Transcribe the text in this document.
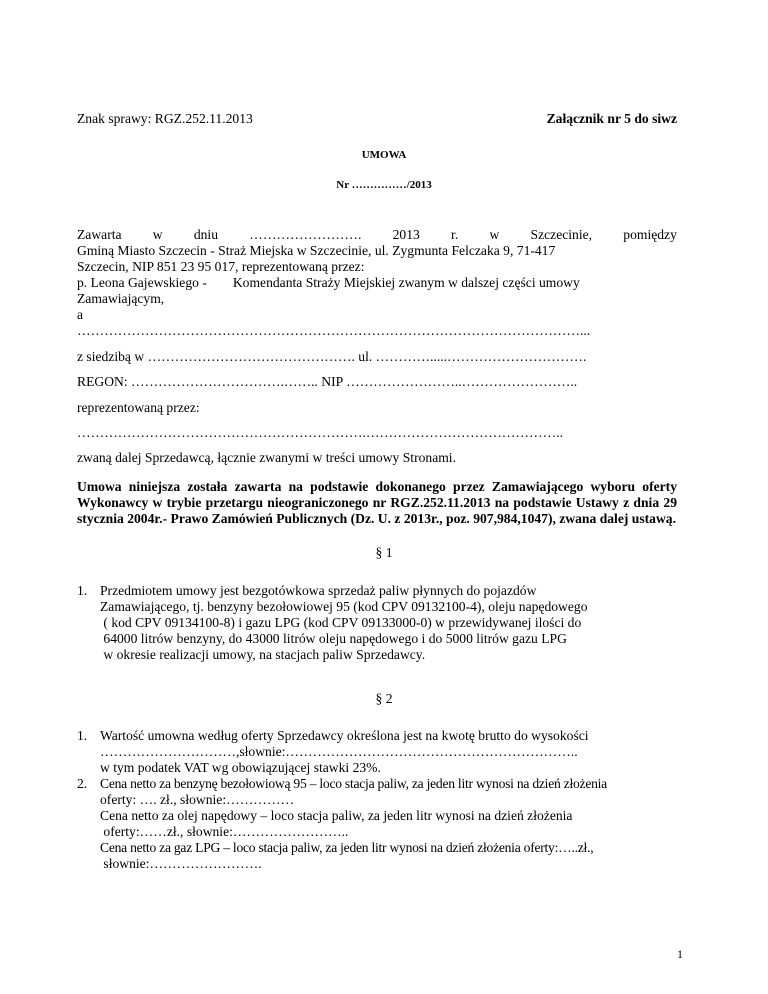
Znak sprawy: RGZ.252.11.2013	Załącznik nr 5 do siwz
UMOWA
Nr ……………/2013
Zawarta w dniu ……………………. 2013 r. w Szczecinie, pomiędzy
Gminą Miasto Szczecin - Straż Miejska w Szczecinie, ul. Zygmunta Felczaka 9, 71-417
Szczecin, NIP 851 23 95 017, reprezentowaną przez:
p. Leona Gajewskiego - Komendanta Straży Miejskiej zwanym w dalszej części umowy
Zamawiającym,
a
…………………………………………………………………………………………………...
z siedzibą w ………………………………………. ul. ………….....………………………….
REGON: …………………………….…….. NIP ……………………..……………………..
reprezentowaną przez:
……………………………………………………….……………………………………..
zwaną dalej Sprzedawcą, łącznie zwanymi w treści umowy Stronami.
Umowa niniejsza została zawarta na podstawie dokonanego przez Zamawiającego wyboru oferty Wykonawcy w trybie przetargu nieograniczonego nr RGZ.252.11.2013 na podstawie Ustawy z dnia 29 stycznia 2004r.- Prawo Zamówień Publicznych (Dz. U. z 2013r., poz. 907,984,1047), zwana dalej ustawą.
§ 1
1. Przedmiotem umowy jest bezgotówkowa sprzedaż paliw płynnych do pojazdów
Zamawiającego, tj. benzyny bezołowiowej 95 (kod CPV 09132100-4), oleju napędowego
( kod CPV 09134100-8) i gazu LPG (kod CPV 09133000-0) w przewidywanej ilości do
64000 litrów benzyny, do 43000 litrów oleju napędowego i do 5000 litrów gazu LPG
w okresie realizacji umowy, na stacjach paliw Sprzedawcy.
§ 2
1. Wartość umowna według oferty Sprzedawcy określona jest na kwotę brutto do wysokości
…………………………,słownie:………………………………………………………..
w tym podatek VAT wg obowiązującej stawki 23%.
2. Cena netto za benzynę bezołowiową 95 – loco stacja paliw, za jeden litr wynosi na dzień złożenia
oferty: …. zł., słownie:……………
Cena netto za olej napędowy – loco stacja paliw, za jeden litr wynosi na dzień złożenia
oferty:……zł., słownie:……………………..
Cena netto za gaz LPG – loco stacja paliw, za jeden litr wynosi na dzień złożenia oferty:…..zł.,
słownie:…………………….
1
